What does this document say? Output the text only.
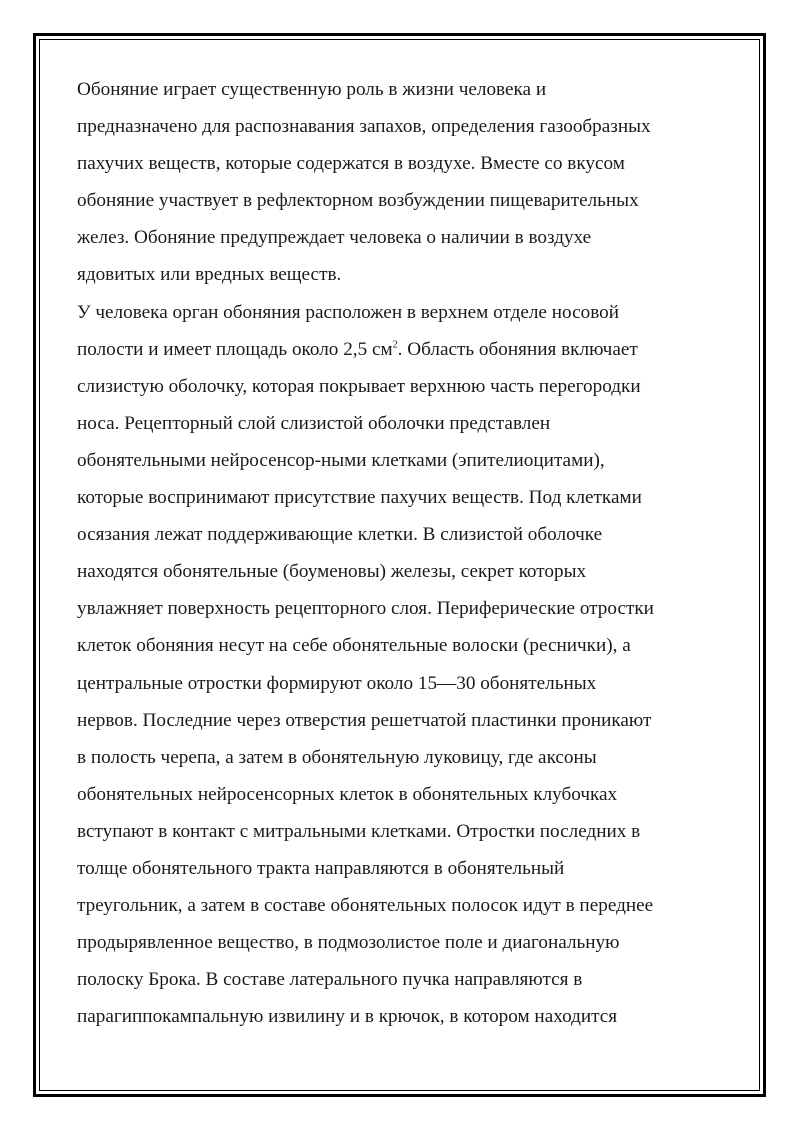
Обоняние играет существенную роль в жизни человека и
предназначено для распознавания запахов, определения газообразных
пахучих веществ, которые содержатся в воздухе. Вместе со вкусом
обоняние участвует в рефлекторном возбуждении пищеварительных
желез. Обоняние предупреждает человека о наличии в воздухе
ядовитых или вредных веществ.
У человека орган обоняния расположен в верхнем отделе носовой
полости и имеет площадь около 2,5 $см^2$. Область обоняния включает
слизистую оболочку, которая покрывает верхнюю часть перегородки
носа. Рецепторный слой слизистой оболочки представлен
обонятельными нейросенсор-ными клетками (эпителиоцитами),
которые воспринимают присутствие пахучих веществ. Под клетками
осязания лежат поддерживающие клетки. В слизистой оболочке
находятся обонятельные (боуменовы) железы, секрет которых
увлажняет поверхность рецепторного слоя. Периферические отростки
клеток обоняния несут на себе обонятельные волоски (реснички), а
центральные отростки формируют около 15—30 обонятельных
нервов. Последние через отверстия решетчатой пластинки проникают
в полость черепа, а затем в обонятельную луковицу, где аксоны
обонятельных нейросенсорных клеток в обонятельных клубочках
вступают в контакт с митральными клетками. Отростки последних в
толще обонятельного тракта направляются в обонятельный
треугольник, а затем в составе обонятельных полосок идут в переднее
продырявленное вещество, в подмозолистое поле и диагональную
полоску Брока. В составе латерального пучка направляются в
парагиппокампальную извилину и в крючок, в котором находится
